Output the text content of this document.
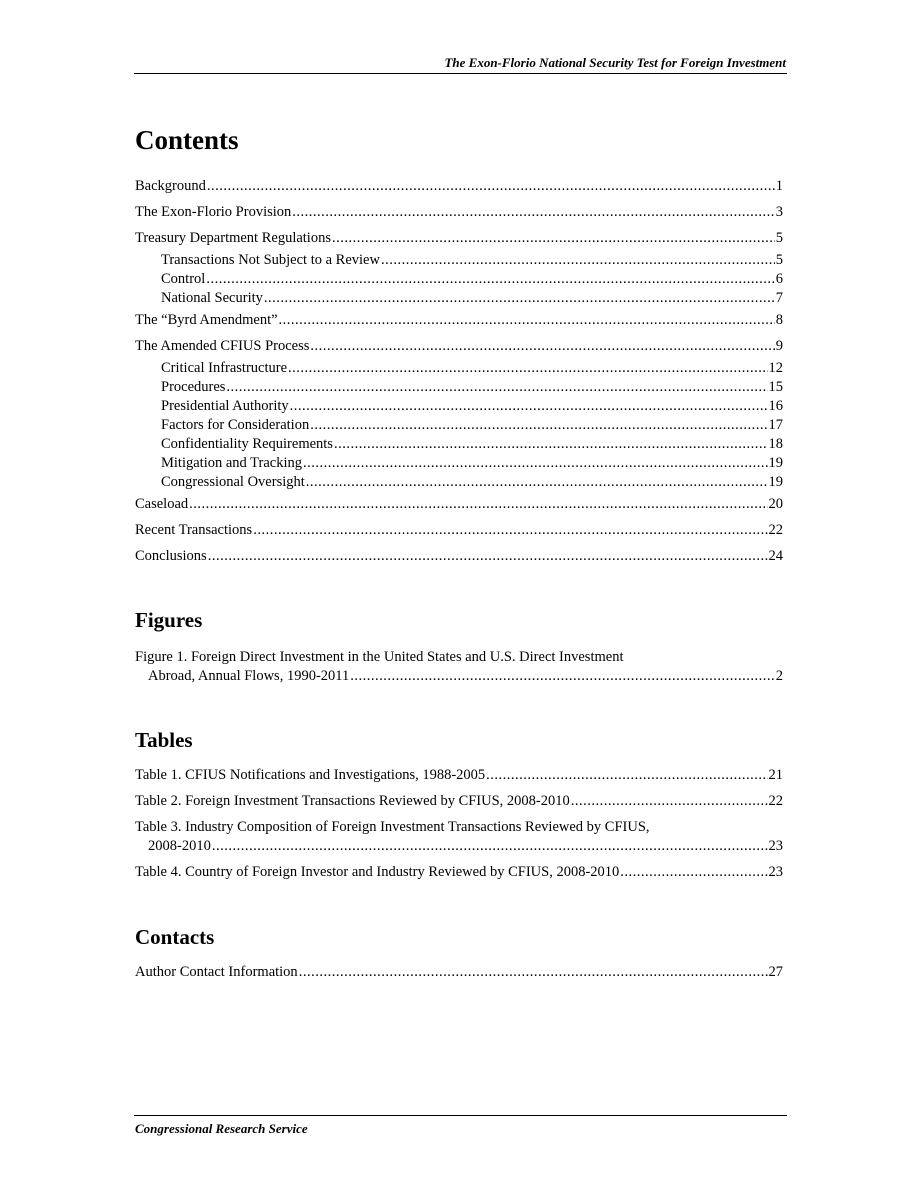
The Exon-Florio National Security Test for Foreign Investment
Contents
Background .....	1
The Exon-Florio Provision .....	3
Treasury Department Regulations .....	5
Transactions Not Subject to a Review .....	5
Control .....	6
National Security .....	7
The “Byrd Amendment” .....	8
The Amended CFIUS Process .....	9
Critical Infrastructure .....	12
Procedures .....	15
Presidential Authority .....	16
Factors for Consideration .....	17
Confidentiality Requirements .....	18
Mitigation and Tracking .....	19
Congressional Oversight .....	19
Caseload .....	20
Recent Transactions .....	22
Conclusions .....	24
Figures
Figure 1. Foreign Direct Investment in the United States and U.S. Direct Investment
Abroad, Annual Flows, 1990-2011 .....	2
Tables
Table 1. CFIUS Notifications and Investigations, 1988-2005 .....	21
Table 2. Foreign Investment Transactions Reviewed by CFIUS, 2008-2010 .....	22
Table 3. Industry Composition of Foreign Investment Transactions Reviewed by CFIUS,
2008-2010 .....	23
Table 4. Country of Foreign Investor and Industry Reviewed by CFIUS, 2008-2010 .....	23
Contacts
Author Contact Information .....	27
Congressional Research Service
